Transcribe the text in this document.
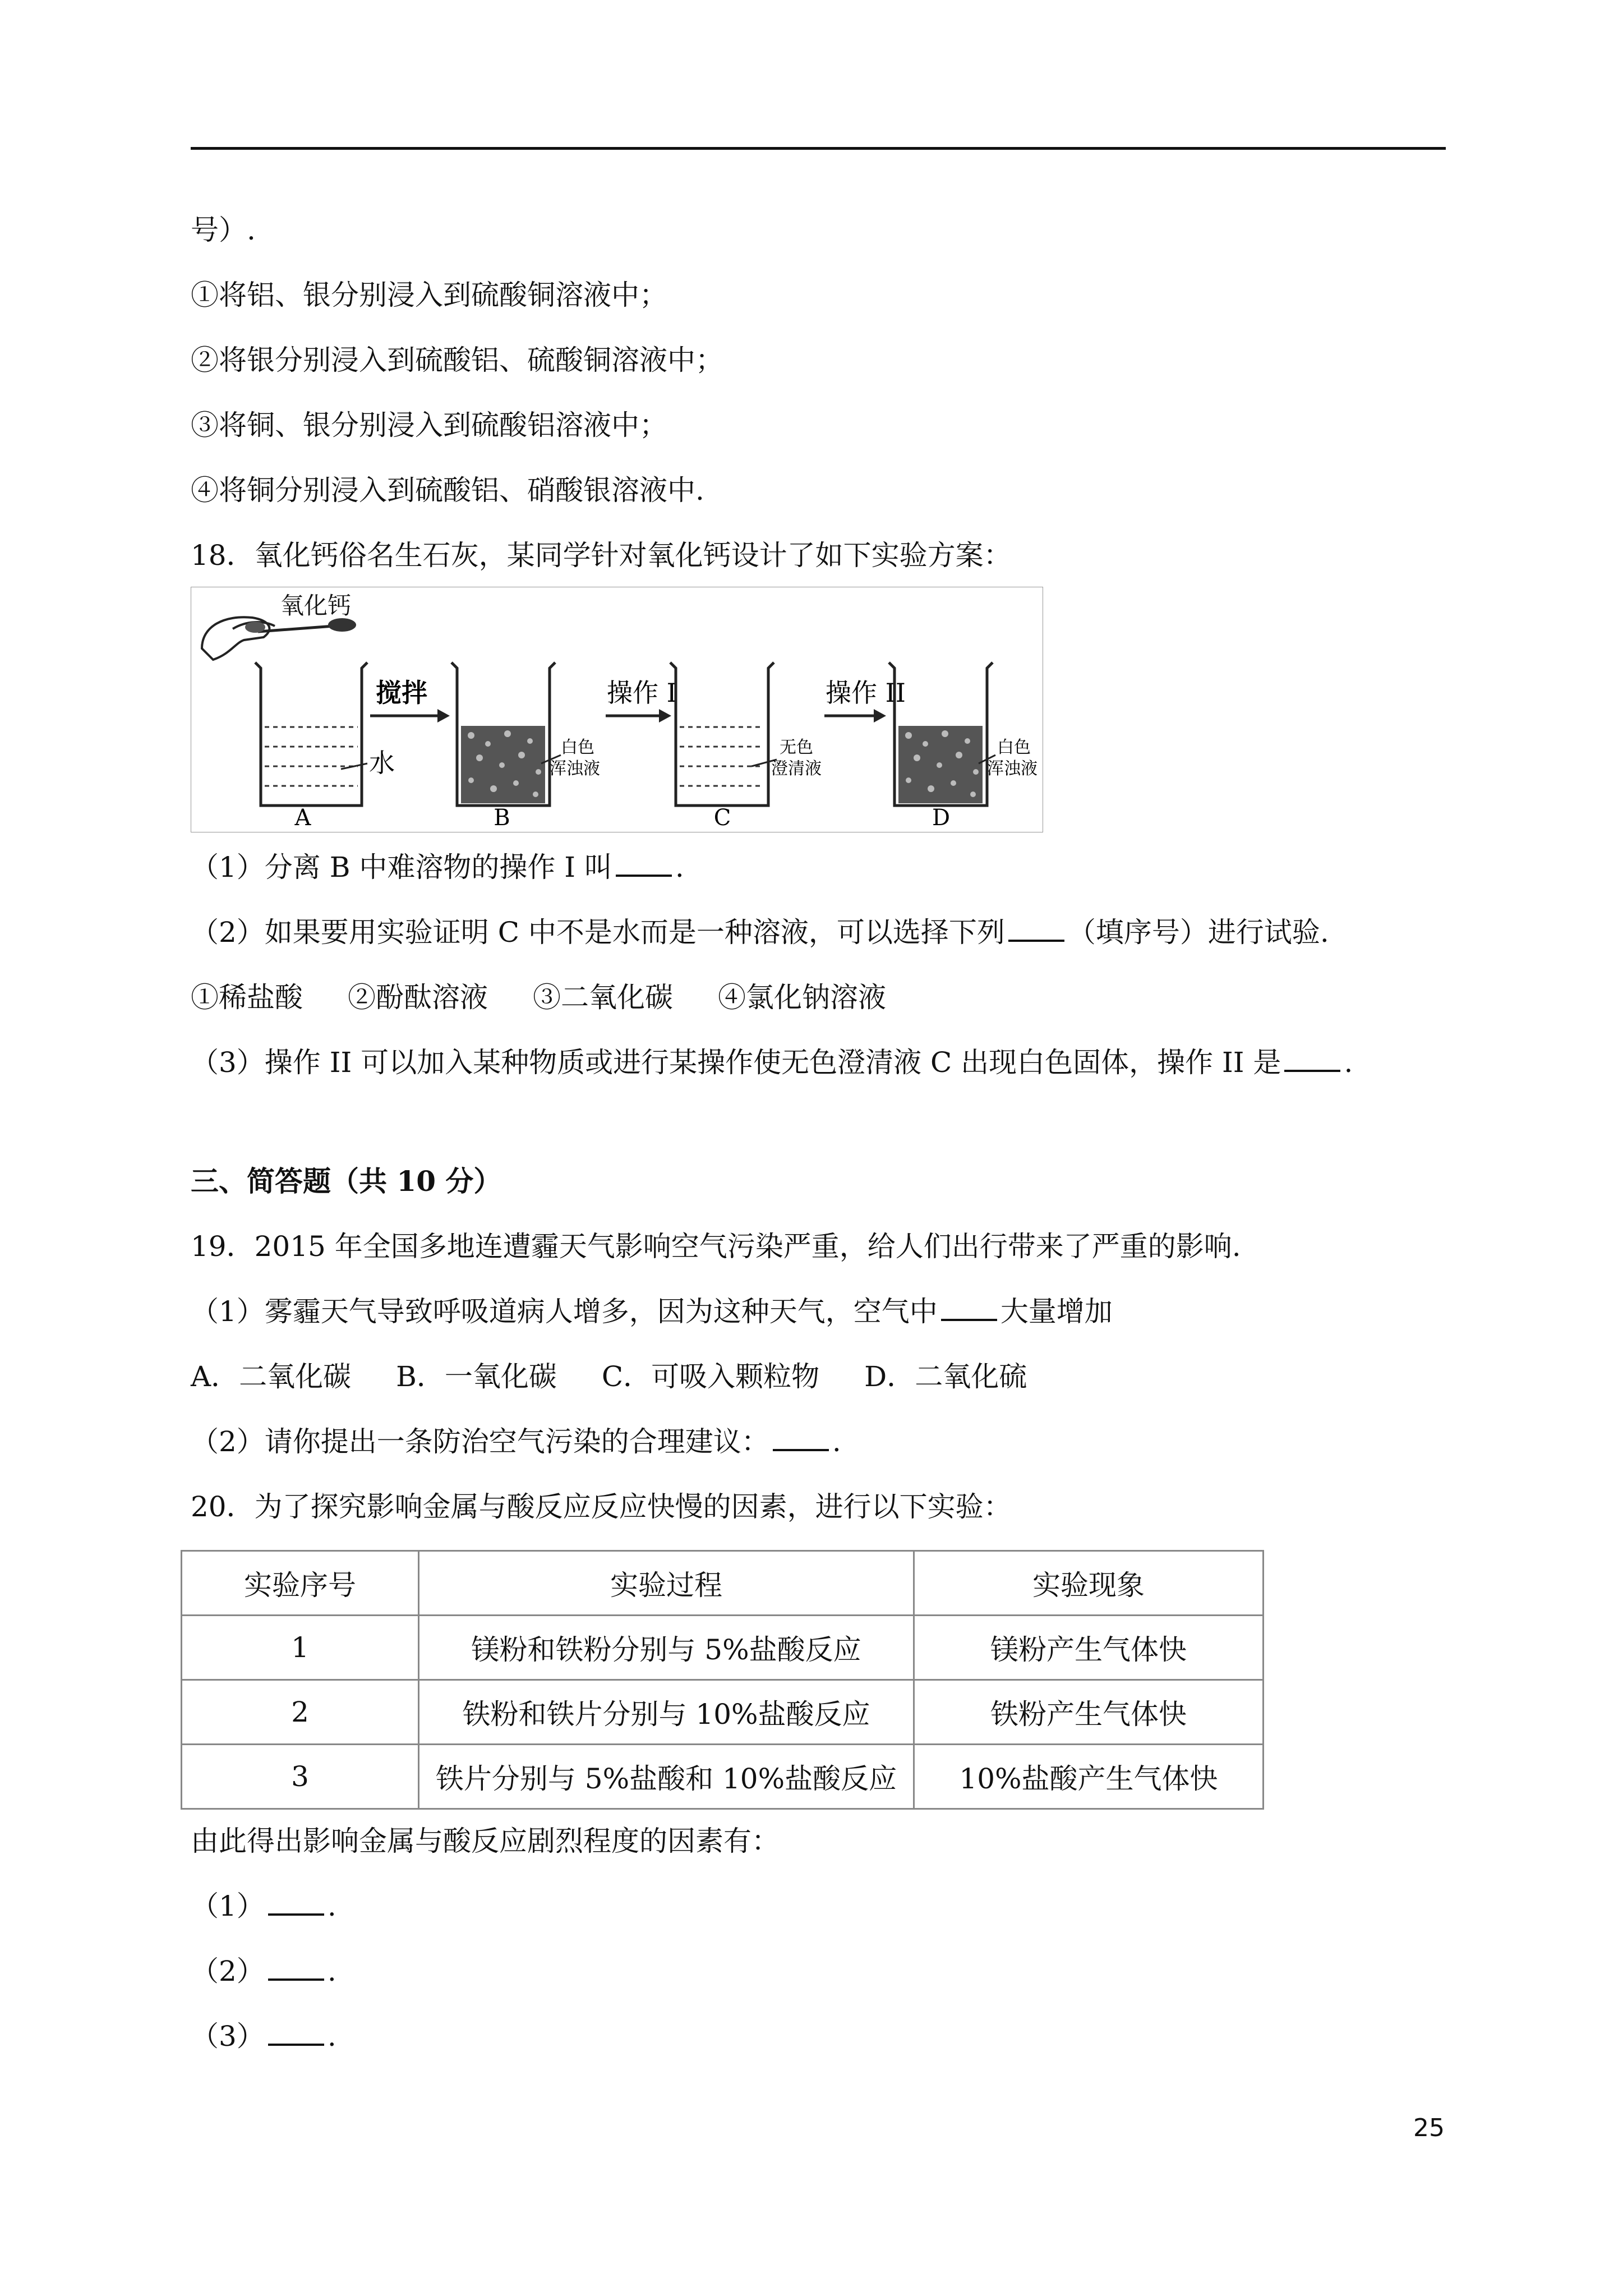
号）.
①将铝、银分别浸入到硫酸铜溶液中；
②将银分别浸入到硫酸铝、硫酸铜溶液中；
③将铜、银分别浸入到硫酸铝溶液中；
④将铜分别浸入到硫酸铝、硝酸银溶液中.
18．氧化钙俗名生石灰，某同学针对氧化钙设计了如下实验方案：
氧化钙
水
A
搅拌
白色
浑浊液
B
操作 I
无色
澄清液
C
操作 II
白色
浑浊液
D
（1）分离 B 中难溶物的操作 I 叫 .
（2）如果要用实验证明 C 中不是水而是一种溶液，可以选择下列 （填序号）进行试验.
①稀盐酸 ②酚酞溶液 ③二氧化碳 ④氯化钠溶液
（3）操作 II 可以加入某种物质或进行某操作使无色澄清液 C 出现白色固体，操作 II 是 .
三、简答题（共 10 分）
19．2015 年全国多地连遭霾天气影响空气污染严重，给人们出行带来了严重的影响.
（1）雾霾天气导致呼吸道病人增多，因为这种天气，空气中 大量增加
A．二氧化碳 B．一氧化碳 C．可吸入颗粒物 D．二氧化硫
（2）请你提出一条防治空气污染的合理建议： .
20．为了探究影响金属与酸反应反应快慢的因素，进行以下实验：
实验序号	实验过程	实验现象
1	镁粉和铁粉分别与 5%盐酸反应	镁粉产生气体快
2	铁粉和铁片分别与 10%盐酸反应	铁粉产生气体快
3	铁片分别与 5%盐酸和 10%盐酸反应	10%盐酸产生气体快
由此得出影响金属与酸反应剧烈程度的因素有：
（1） .
（2） .
（3） .
25
